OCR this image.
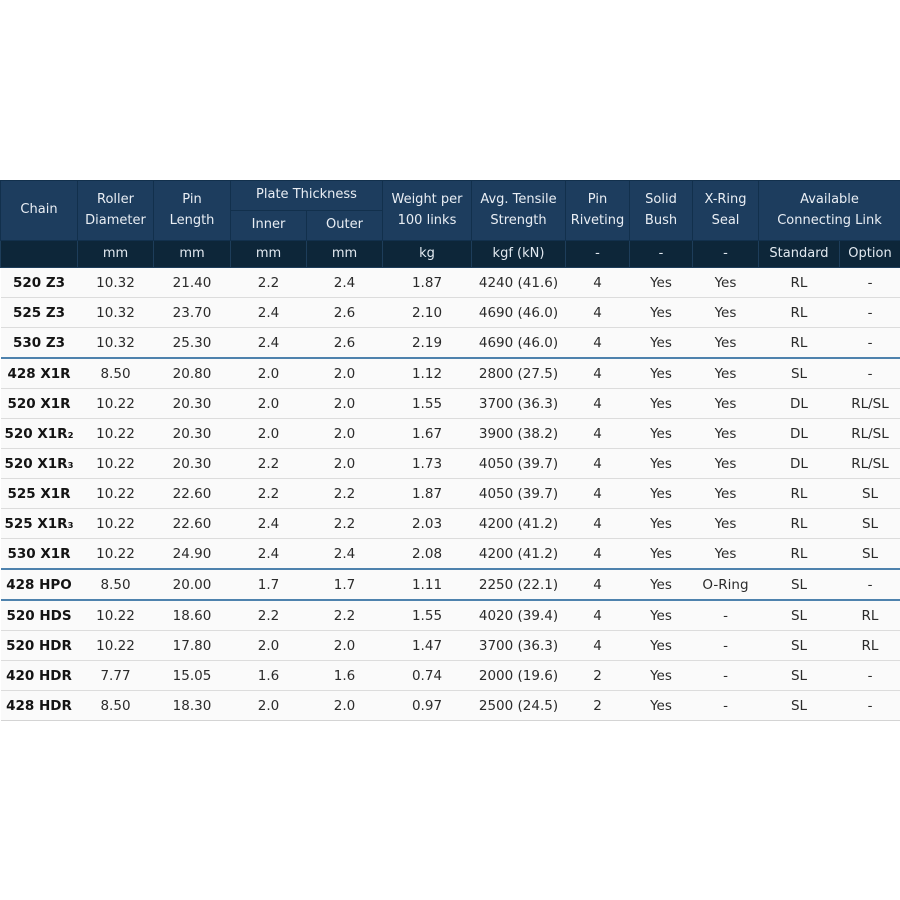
Chain	Roller Diameter	Pin Length	Plate Thickness		Weight per 100 links	Avg. Tensile Strength	Pin Riveting	Solid Bush	X-Ring Seal	Available Connecting Link	
			Inner	Outer							
	mm	mm	mm	mm	kg	kgf (kN)	-	-	-	Standard	Option
520 Z3	10.32	21.40	2.2	2.4	1.87	4240 (41.6)	4	Yes	Yes	RL	-
525 Z3	10.32	23.70	2.4	2.6	2.10	4690 (46.0)	4	Yes	Yes	RL	-
530 Z3	10.32	25.30	2.4	2.6	2.19	4690 (46.0)	4	Yes	Yes	RL	-
428 X1R	8.50	20.80	2.0	2.0	1.12	2800 (27.5)	4	Yes	Yes	SL	-
520 X1R	10.22	20.30	2.0	2.0	1.55	3700 (36.3)	4	Yes	Yes	DL	RL/SL
520 X1R₂	10.22	20.30	2.0	2.0	1.67	3900 (38.2)	4	Yes	Yes	DL	RL/SL
520 X1R₃	10.22	20.30	2.2	2.0	1.73	4050 (39.7)	4	Yes	Yes	DL	RL/SL
525 X1R	10.22	22.60	2.2	2.2	1.87	4050 (39.7)	4	Yes	Yes	RL	SL
525 X1R₃	10.22	22.60	2.4	2.2	2.03	4200 (41.2)	4	Yes	Yes	RL	SL
530 X1R	10.22	24.90	2.4	2.4	2.08	4200 (41.2)	4	Yes	Yes	RL	SL
428 HPO	8.50	20.00	1.7	1.7	1.11	2250 (22.1)	4	Yes	O-Ring	SL	-
520 HDS	10.22	18.60	2.2	2.2	1.55	4020 (39.4)	4	Yes	-	SL	RL
520 HDR	10.22	17.80	2.0	2.0	1.47	3700 (36.3)	4	Yes	-	SL	RL
420 HDR	7.77	15.05	1.6	1.6	0.74	2000 (19.6)	2	Yes	-	SL	-
428 HDR	8.50	18.30	2.0	2.0	0.97	2500 (24.5)	2	Yes	-	SL	-
